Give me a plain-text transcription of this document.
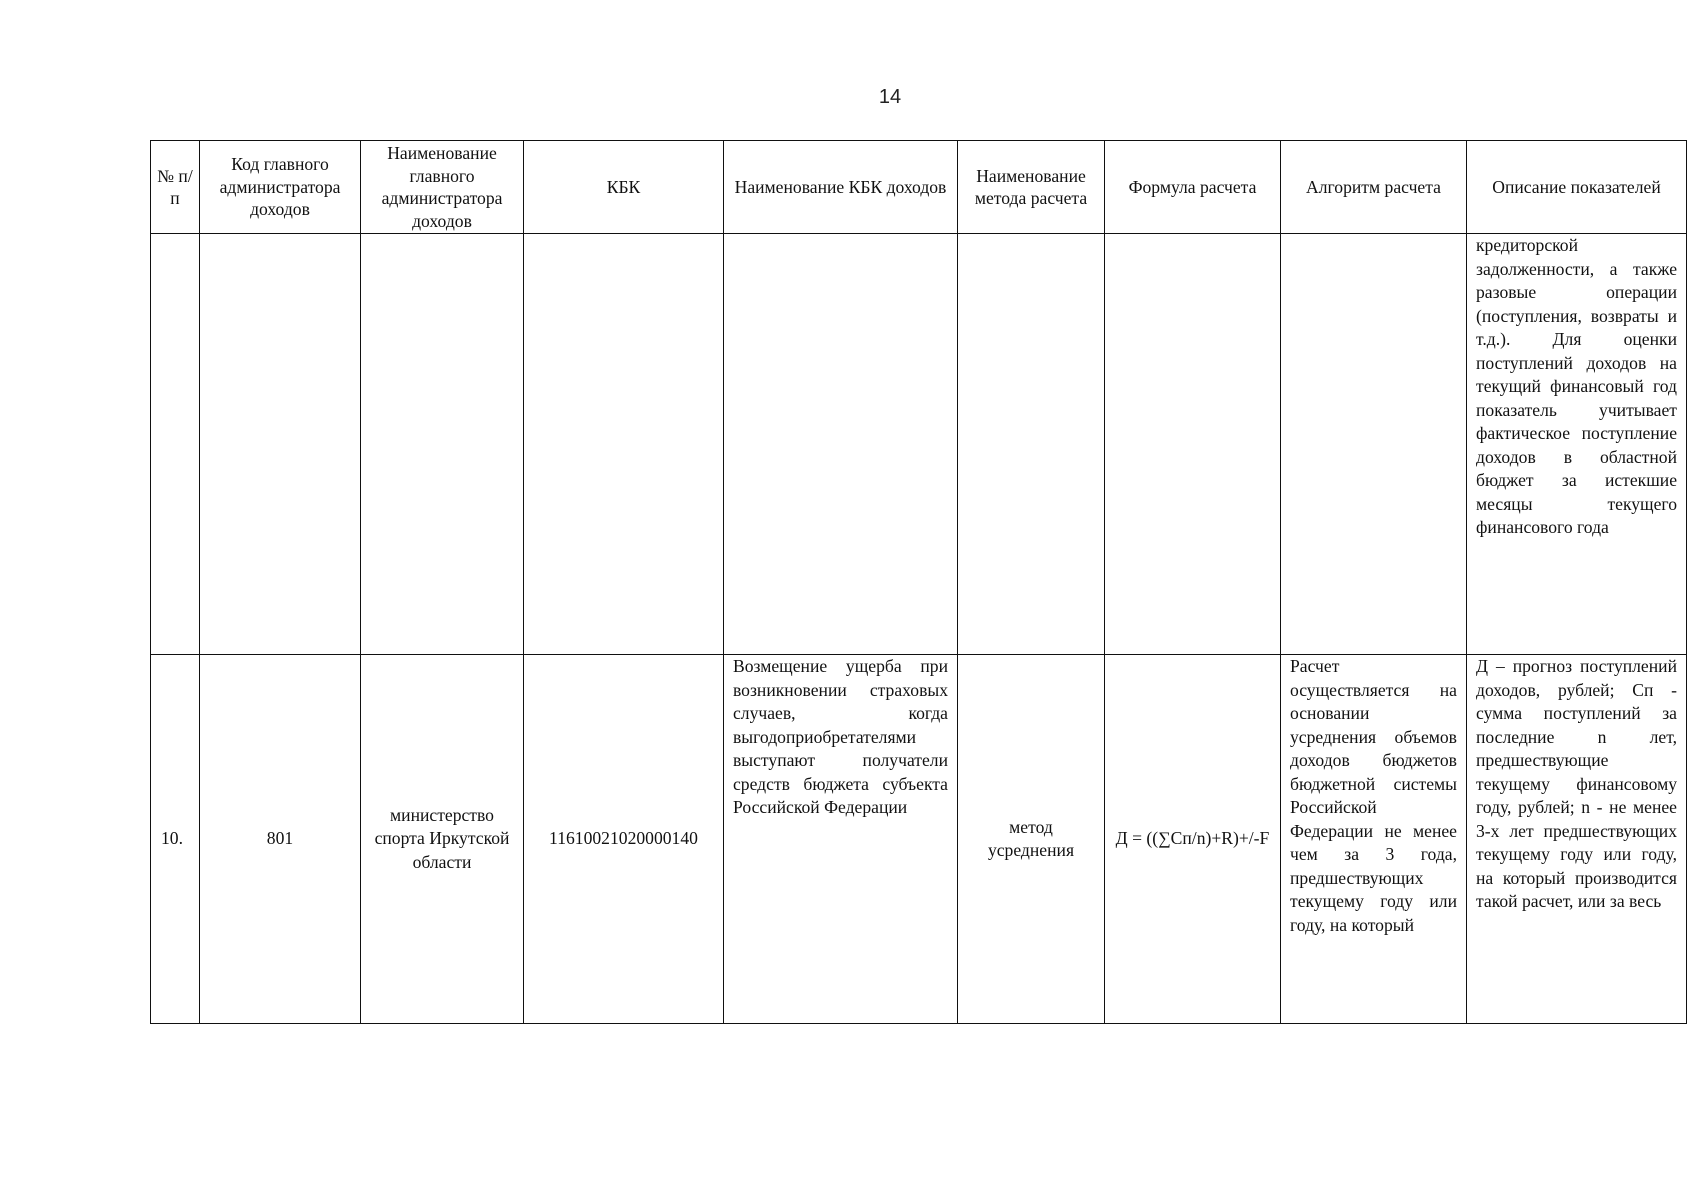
14
№ п/п	Код главного администратора доходов	Наименование главного администратора доходов	КБК	Наименование КБК доходов	Наименование метода расчета	Формула расчета	Алгоритм расчета	Описание показателей
								кредиторской задолженности, а также разовые операции (поступления, возвраты и т.д.). Для оценки поступлений доходов на текущий финансовый год показатель учитывает фактическое поступление доходов в областной бюджет за истекшие месяцы текущего финансового года
10.	801	министерство спорта Иркутской области	11610021020000140	Возмещение ущерба при возникновении страховых случаев, когда выгодоприобретателями выступают получатели средств бюджета субъекта Российской Федерации	метод усреднения	Д = ((∑Сп/n)+R)+/-F	Расчет осуществляется на основании усреднения объемов доходов бюджетов бюджетной системы Российской Федерации не менее чем за 3 года, предшествующих текущему году или году, на который	Д – прогноз поступлений доходов, рублей; Сп - сумма поступлений за последние n лет, предшествующие текущему финансовому году, рублей; n - не менее 3-х лет предшествующих текущему году или году, на который производится такой расчет, или за весь
